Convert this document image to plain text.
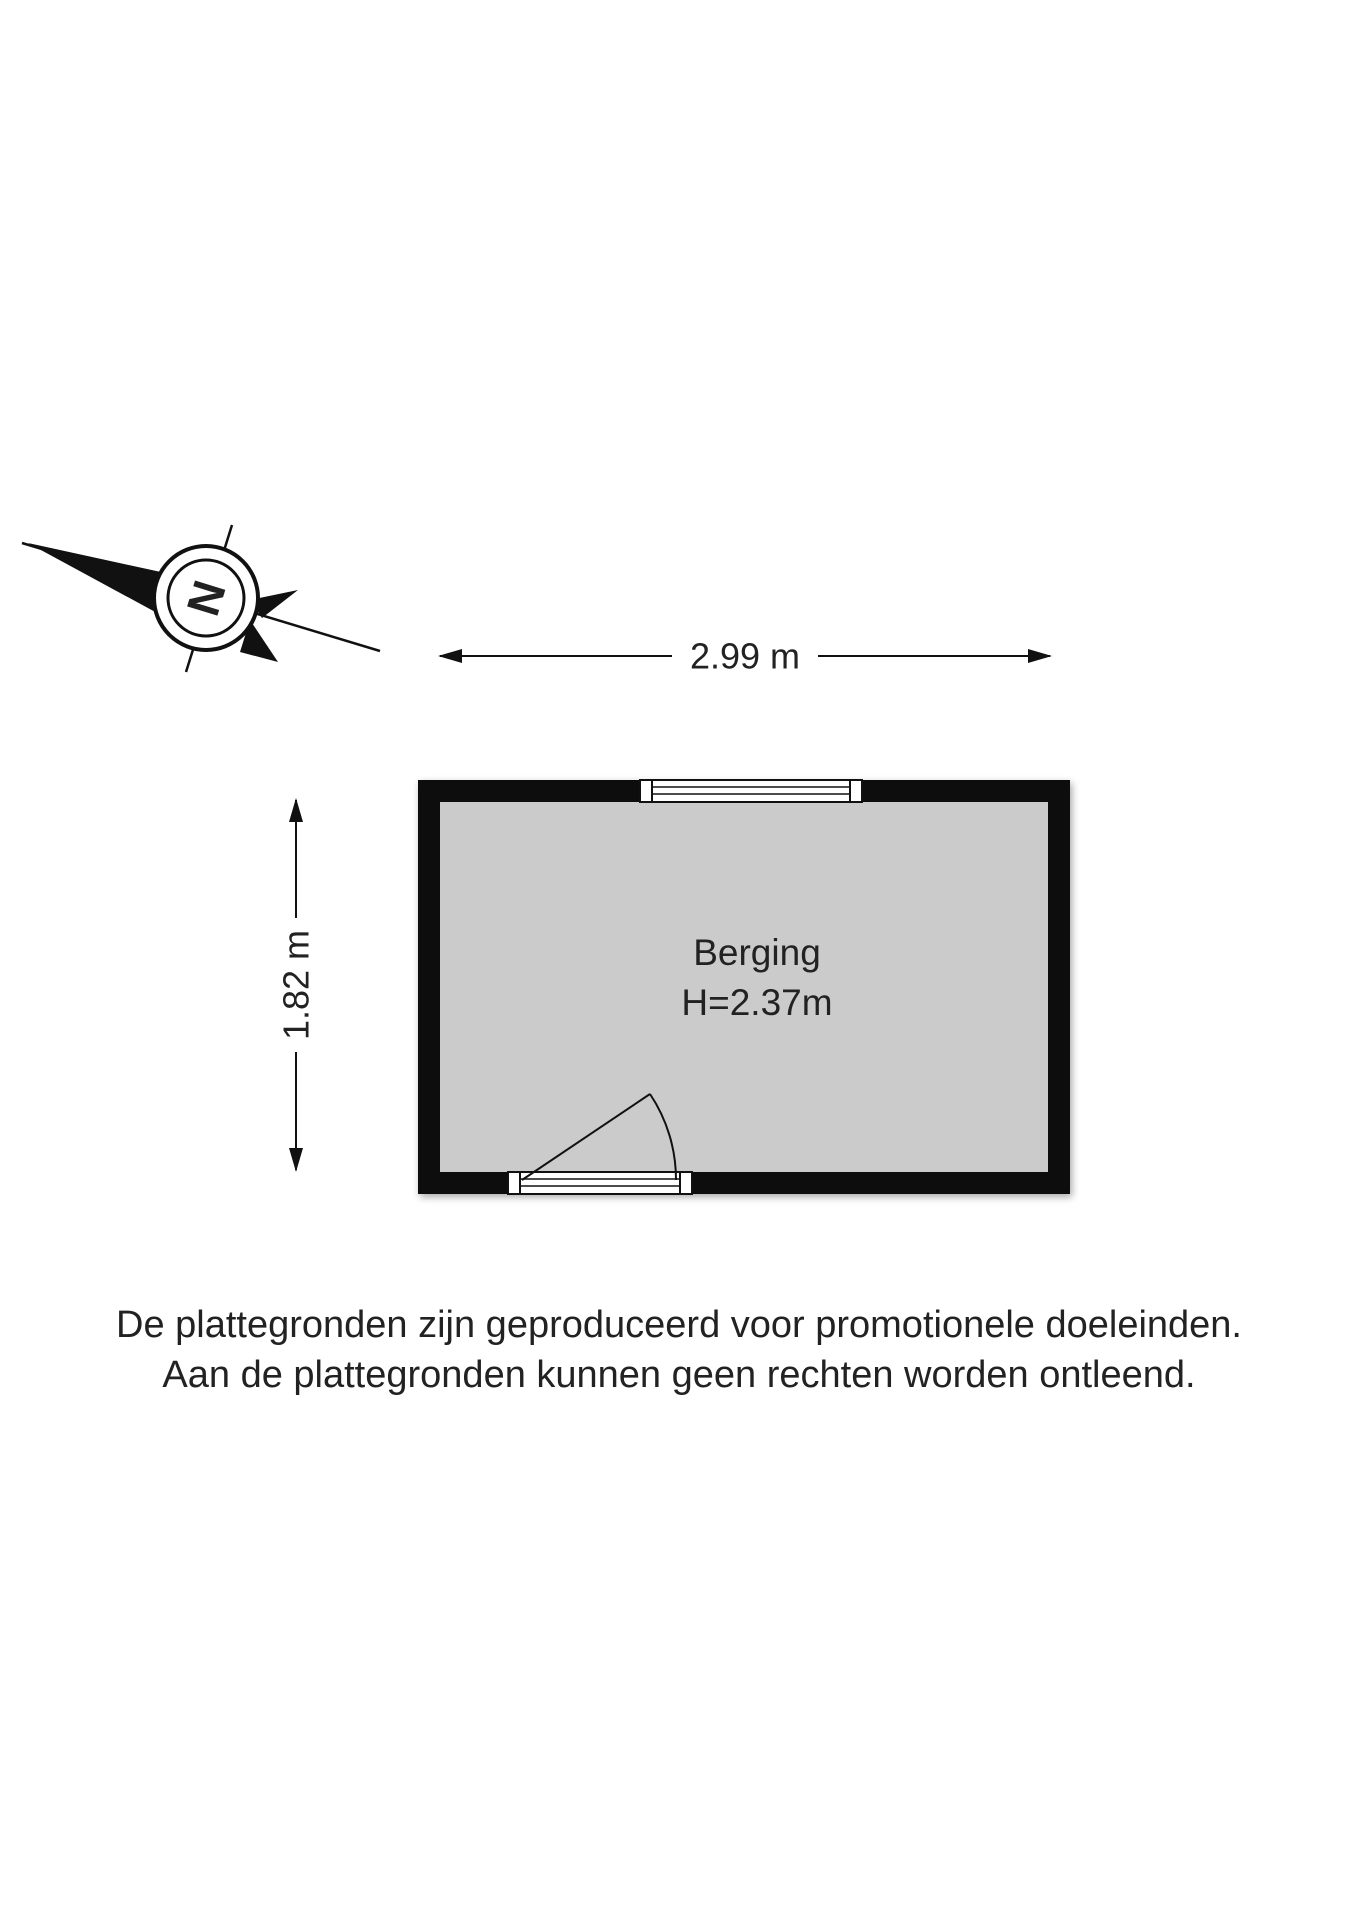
N
2.99 m
1.82 m	Berging
H=2.37m
De plattegronden zijn geproduceerd voor promotionele doeleinden.
Aan de plattegronden kunnen geen rechten worden ontleend.
